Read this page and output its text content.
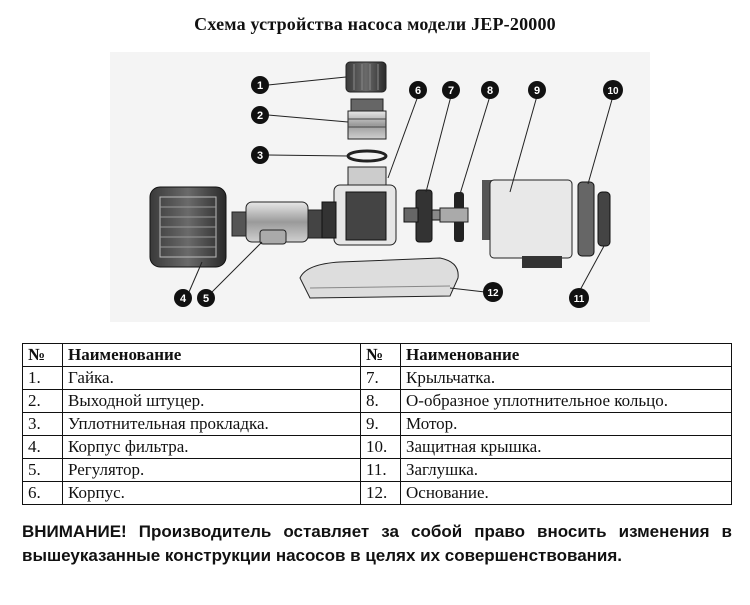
Схема устройства насоса модели JEP-20000
1
2
3
4 5
6 7	8	9	10
11
12
№	Наименование	№	Наименование
1.	Гайка.	7.	Крыльчатка.
2.	Выходной штуцер.	8.	О-образное уплотнительное кольцо.
3.	Уплотнительная прокладка.	9.	Мотор.
4.	Корпус фильтра.	10.	Защитная крышка.
5.	Регулятор.	11.	Заглушка.
6.	Корпус.	12.	Основание.
ВНИМАНИЕ! Производитель оставляет за собой право вносить изменения в вышеуказанные конструкции насосов в целях их совершенствования.
